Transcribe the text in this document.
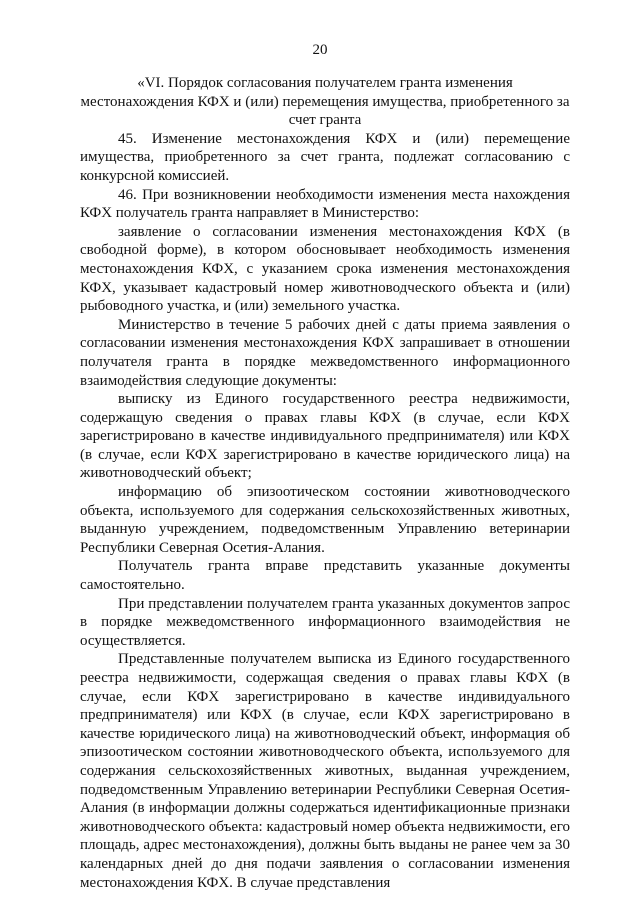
20

«VI. Порядок согласования получателем гранта изменения местонахождения КФХ и (или) перемещения имущества, приобретенного за счет гранта

45. Изменение местонахождения КФХ и (или) перемещение имущества, приобретенного за счет гранта, подлежат согласованию с конкурсной комиссией.

46. При возникновении необходимости изменения места нахождения КФХ получатель гранта направляет в Министерство:

заявление о согласовании изменения местонахождения КФХ (в свободной форме), в котором обосновывает необходимость изменения местонахождения КФХ, с указанием срока изменения местонахождения КФХ, указывает кадастровый номер животноводческого объекта и (или) рыбоводного участка, и (или) земельного участка.

Министерство в течение 5 рабочих дней с даты приема заявления о согласовании изменения местонахождения КФХ запрашивает в отношении получателя гранта в порядке межведомственного информационного взаимодействия следующие документы:

выписку из Единого государственного реестра недвижимости, содержащую сведения о правах главы КФХ (в случае, если КФХ зарегистрировано в качестве индивидуального предпринимателя) или КФХ (в случае, если КФХ зарегистрировано в качестве юридического лица) на животноводческий объект;

информацию об эпизоотическом состоянии животноводческого объекта, используемого для содержания сельскохозяйственных животных, выданную учреждением, подведомственным Управлению ветеринарии Республики Северная Осетия-Алания.

Получатель гранта вправе представить указанные документы самостоятельно.

При представлении получателем гранта указанных документов запрос в порядке межведомственного информационного взаимодействия не осуществляется.

Представленные получателем выписка из Единого государственного реестра недвижимости, содержащая сведения о правах главы КФХ (в случае, если КФХ зарегистрировано в качестве индивидуального предпринимателя) или КФХ (в случае, если КФХ зарегистрировано в качестве юридического лица) на животноводческий объект, информация об эпизоотическом состоянии животноводческого объекта, используемого для содержания сельскохозяйственных животных, выданная учреждением, подведомственным Управлению ветеринарии Республики Северная Осетия-Алания (в информации должны содержаться идентификационные признаки животноводческого объекта: кадастровый номер объекта недвижимости, его площадь, адрес местонахождения), должны быть выданы не ранее чем за 30 календарных дней до дня подачи заявления о согласовании изменения местонахождения КФХ. В случае представления
